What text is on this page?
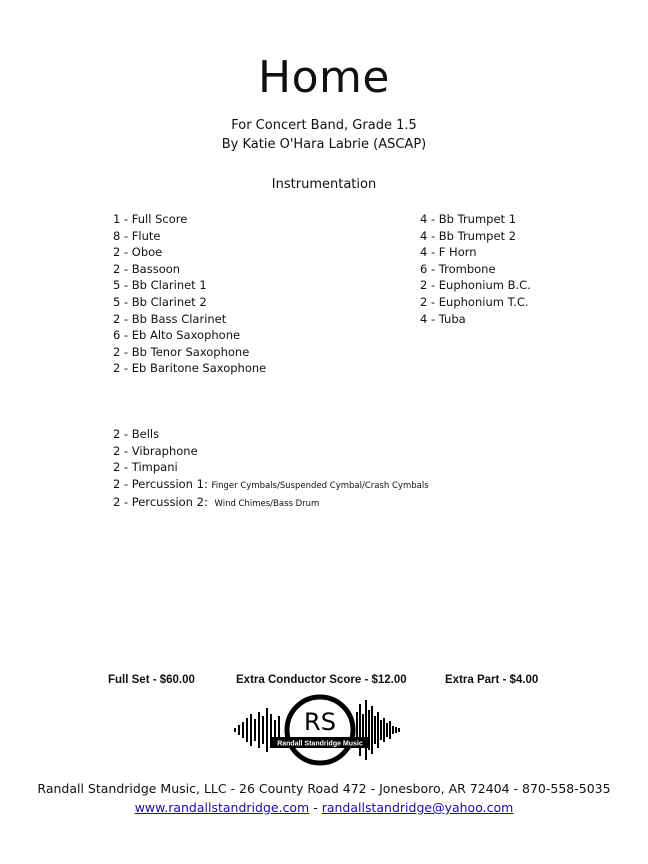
Home
For Concert Band, Grade 1.5
By Katie O'Hara Labrie (ASCAP)
Instrumentation
1 - Full Score
8 - Flute
2 - Oboe
2 - Bassoon
5 - Bb Clarinet 1
5 - Bb Clarinet 2
2 - Bb Bass Clarinet
6 - Eb Alto Saxophone
2 - Bb Tenor Saxophone
2 - Eb Baritone Saxophone
4 - Bb Trumpet 1
4 - Bb Trumpet 2
4 - F Horn
6 - Trombone
2 - Euphonium B.C.
2 - Euphonium T.C.
4 - Tuba
2 - Bells
2 - Vibraphone
2 - Timpani
2 - Percussion 1: Finger Cymbals/Suspended Cymbal/Crash Cymbals
2 - Percussion 2: Wind Chimes/Bass Drum
Full Set - $60.00	Extra Conductor Score - $12.00	Extra Part - $4.00
RS
Randall Standridge Music
Randall Standridge Music, LLC - 26 County Road 472 - Jonesboro, AR 72404 - 870-558-5035
www.randallstandridge.com - randallstandridge@yahoo.com
